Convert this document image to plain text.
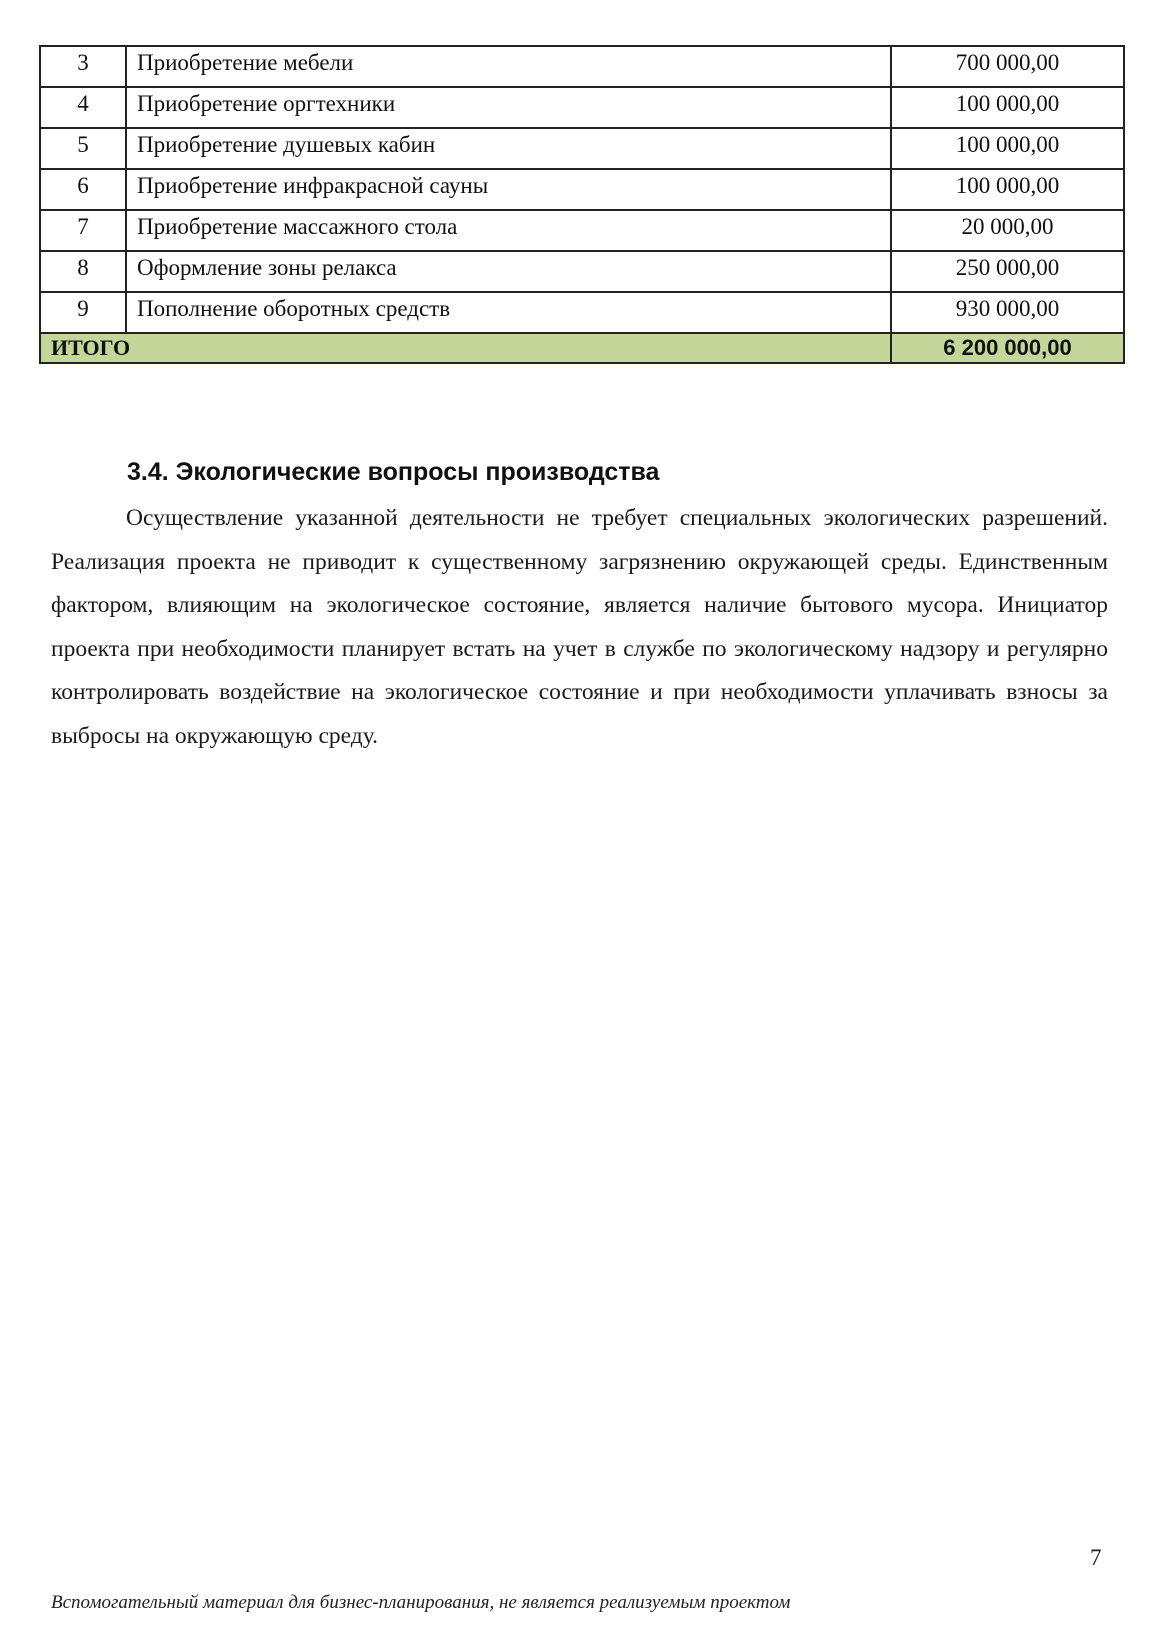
3	Приобретение мебели	700 000,00
4	Приобретение оргтехники	100 000,00
5	Приобретение душевых кабин	100 000,00
6	Приобретение инфракрасной сауны	100 000,00
7	Приобретение массажного стола	20 000,00
8	Оформление зоны релакса	250 000,00
9	Пополнение оборотных средств	930 000,00
ИТОГО		6 200 000,00
3.4. Экологические вопросы производства

Осуществление указанной деятельности не требует специальных экологических разрешений. Реализация проекта не приводит к существенному загрязнению окружающей среды. Единственным фактором, влияющим на экологическое состояние, является наличие бытового мусора. Инициатор проекта при необходимости планирует встать на учет в службе по экологическому надзору и регулярно контролировать воздействие на экологическое состояние и при необходимости уплачивать взносы за выбросы на окружающую среду.

7
Вспомогательный материал для бизнес-планирования, не является реализуемым проектом
